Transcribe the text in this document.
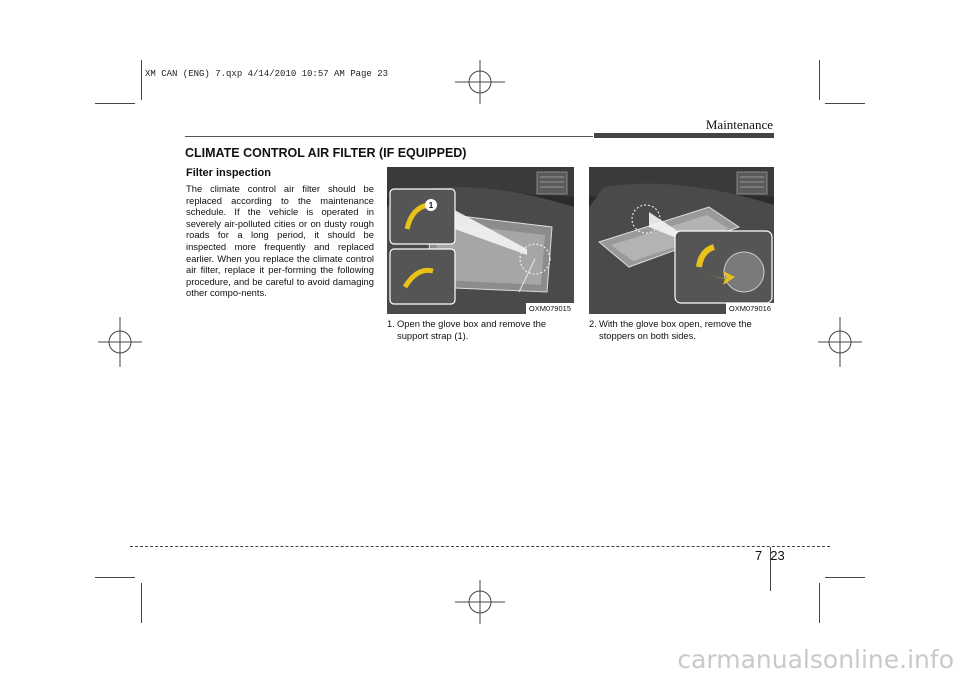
XM CAN (ENG) 7.qxp 4/14/2010 10:57 AM Page 23
Maintenance
CLIMATE CONTROL AIR FILTER (IF EQUIPPED)
Filter inspection
The climate control air filter should be replaced according to the maintenance schedule. If the vehicle is operated in severely air-polluted cities or on dusty rough roads for a long period, it should be inspected more frequently and replaced earlier. When you replace the climate control air filter, replace it per-forming the following procedure, and be careful to avoid damaging other compo-nents.
1
OXM079015	OXM079016
1. Open the glove box and remove the
support strap (1).
2. With the glove box open, remove the
stoppers on both sides.
7 23
carmanualsonline.info
